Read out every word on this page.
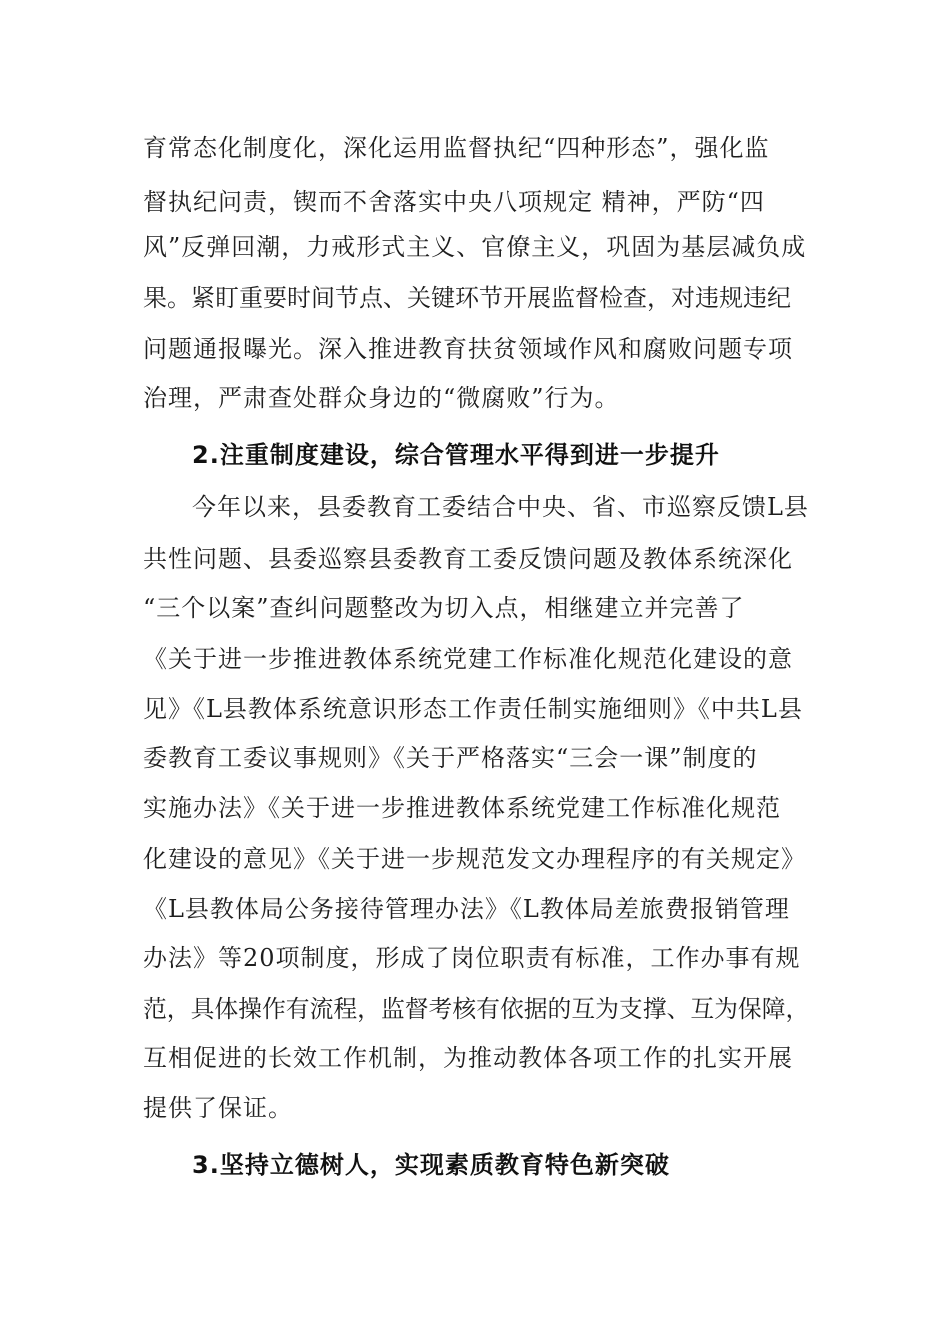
育常态化制度化，深化运用监督执纪“四种形态”，强化监
督执纪问责，锲而不舍落实中央八项规定 精神，严防“四
风”反弹回潮，力戒形式主义、官僚主义，巩固为基层减负成
果。紧盯重要时间节点、关键环节开展监督检查，对违规违纪
问题通报曝光。深入推进教育扶贫领域作风和腐败问题专项
治理，严肃查处群众身边的“微腐败”行为。
2.注重制度建设，综合管理水平得到进一步提升
今年以来，县委教育工委结合中央、省、市巡察反馈L县
共性问题、县委巡察县委教育工委反馈问题及教体系统深化
“三个以案”查纠问题整改为切入点，相继建立并完善了
《关于进一步推进教体系统党建工作标准化规范化建设的意
见》《L县教体系统意识形态工作责任制实施细则》《中共L县
委教育工委议事规则》《关于严格落实“三会一课”制度的
实施办法》《关于进一步推进教体系统党建工作标准化规范
化建设的意见》《关于进一步规范发文办理程序的有关规定》
《L县教体局公务接待管理办法》《L教体局差旅费报销管理
办法》等20项制度，形成了岗位职责有标准，工作办事有规
范，具体操作有流程，监督考核有依据的互为支撑、互为保障，
互相促进的长效工作机制，为推动教体各项工作的扎实开展
提供了保证。
3.坚持立德树人，实现素质教育特色新突破
